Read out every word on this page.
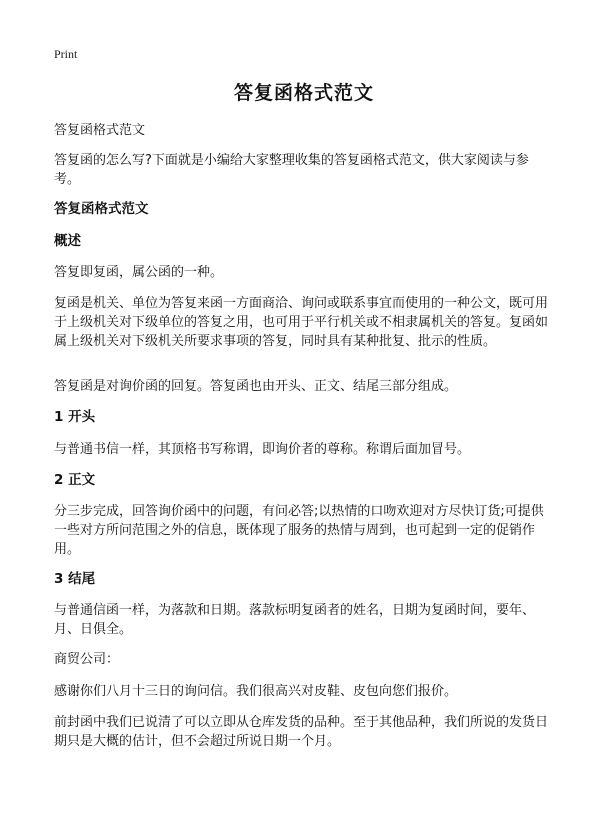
Print
答复函格式范文

答复函格式范文

答复函的怎么写?下面就是小编给大家整理收集的答复函格式范文，供大家阅读与参考。

答复函格式范文

概述

答复即复函，属公函的一种。

复函是机关、单位为答复来函一方面商洽、询问或联系事宜而使用的一种公文，既可用于上级机关对下级单位的答复之用，也可用于平行机关或不相隶属机关的答复。复函如属上级机关对下级机关所要求事项的答复，同时具有某种批复、批示的性质。

答复函是对询价函的回复。答复函也由开头、正文、结尾三部分组成。

1 开头

与普通书信一样，其顶格书写称谓，即询价者的尊称。称谓后面加冒号。

2 正文

分三步完成，回答询价函中的问题，有问必答;以热情的口吻欢迎对方尽快订货;可提供一些对方所问范围之外的信息，既体现了服务的热情与周到，也可起到一定的促销作用。

3 结尾

与普通信函一样，为落款和日期。落款标明复函者的姓名，日期为复函时间，要年、月、日俱全。

商贸公司：

感谢你们八月十三日的询问信。我们很高兴对皮鞋、皮包向您们报价。

前封函中我们已说清了可以立即从仓库发货的品种。至于其他品种，我们所说的发货日期只是大概的估计，但不会超过所说日期一个月。
